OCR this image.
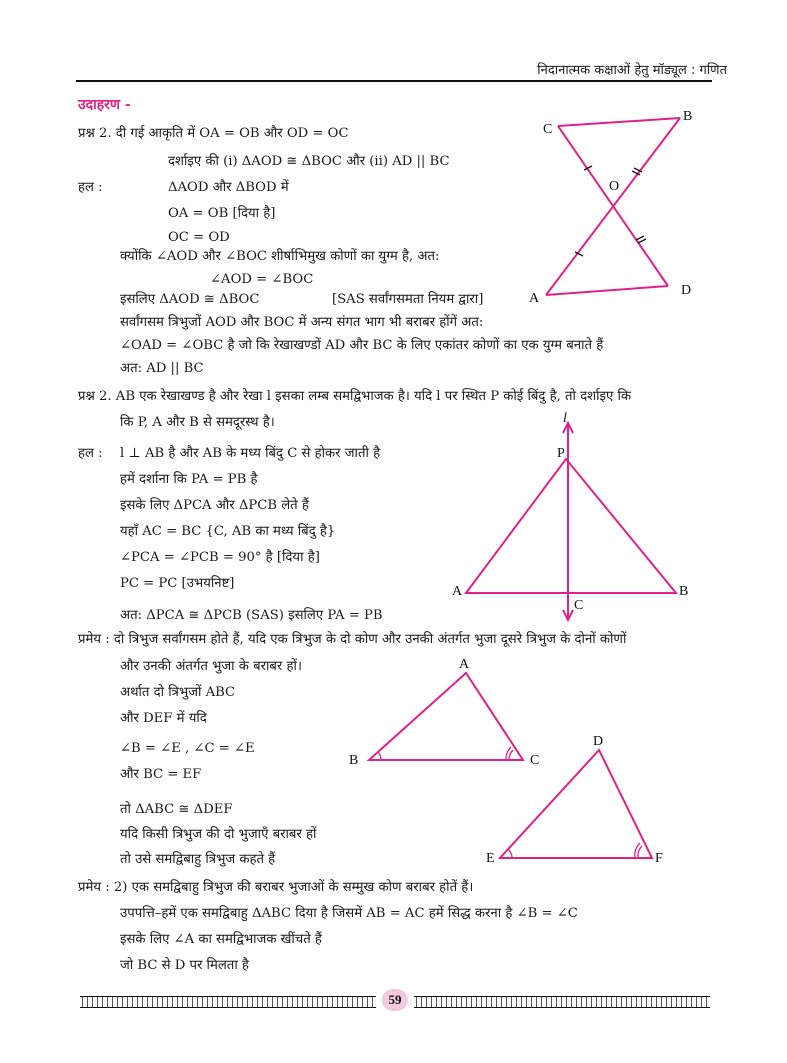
निदानात्मक कक्षाओं हेतु मॉड्यूल : गणित
उदाहरण -
प्रश्न 2. दी गई आकृति में OA = OB और OD = OC
दर्शाइए की (i) ΔAOD ≅ ΔBOC और (ii) AD || BC
हल :	ΔAOD और ΔBOD में
OA = OB [दिया है]
OC = OD
क्योंकि ∠AOD और ∠BOC शीर्षाभिमुख कोणों का युग्म है, अत:
∠AOD = ∠BOC
इसलिए ΔAOD ≅ ΔBOC	[SAS सर्वांगसमता नियम द्वारा]
सर्वांगसम त्रिभुजों AOD और BOC में अन्य संगत भाग भी बराबर होंगें अत:
∠OAD = ∠OBC है जो कि रेखाखण्डों AD और BC के लिए एकांतर कोणों का एक युग्म बनाते हैं
अत: AD || BC
प्रश्न 2. AB एक रेखाखण्ड है और रेखा l इसका लम्ब समद्विभाजक है। यदि l पर स्थित P कोई बिंदु है, तो दर्शाइए कि
कि P, A और B से समदूरस्थ है।
हल : l ⊥ AB है और AB के मध्य बिंदु C से होकर जाती है
हमें दर्शाना कि PA = PB है
इसके लिए ΔPCA और ΔPCB लेते हैं
यहाँ AC = BC {C, AB का मध्य बिंदु है}
∠PCA = ∠PCB = 90° है [दिया है]
PC = PC [उभयनिष्ट]
अत: ΔPCA ≅ ΔPCB (SAS) इसलिए PA = PB
प्रमेय : दो त्रिभुज सर्वांगसम होते हैं, यदि एक त्रिभुज के दो कोण और उनकी अंतर्गत भुजा दूसरे त्रिभुज के दोनों कोणों
और उनकी अंतर्गत भुजा के बराबर हों।
अर्थात दो त्रिभुजों ABC
और DEF में यदि
∠B = ∠E , ∠C = ∠E
और BC = EF
तो ΔABC ≅ ΔDEF
यदि किसी त्रिभुज की दो भुजाएँ बराबर हों
तो उसे समद्विबाहु त्रिभुज कहते हैं
प्रमेय : 2) एक समद्विबाहु त्रिभुज की बराबर भुजाओं के सम्मुख कोण बराबर होतें हैं।
उपपत्ति–हमें एक समद्विबाहु ΔABC दिया है जिसमें AB = AC हमें सिद्ध करना है ∠B = ∠C
इसके लिए ∠A का समद्विभाजक खींचते हैं
जो BC से D पर मिलता है
C
B
O
A
D
l
P
A	B
C
A
B	C
D
E	F
59
